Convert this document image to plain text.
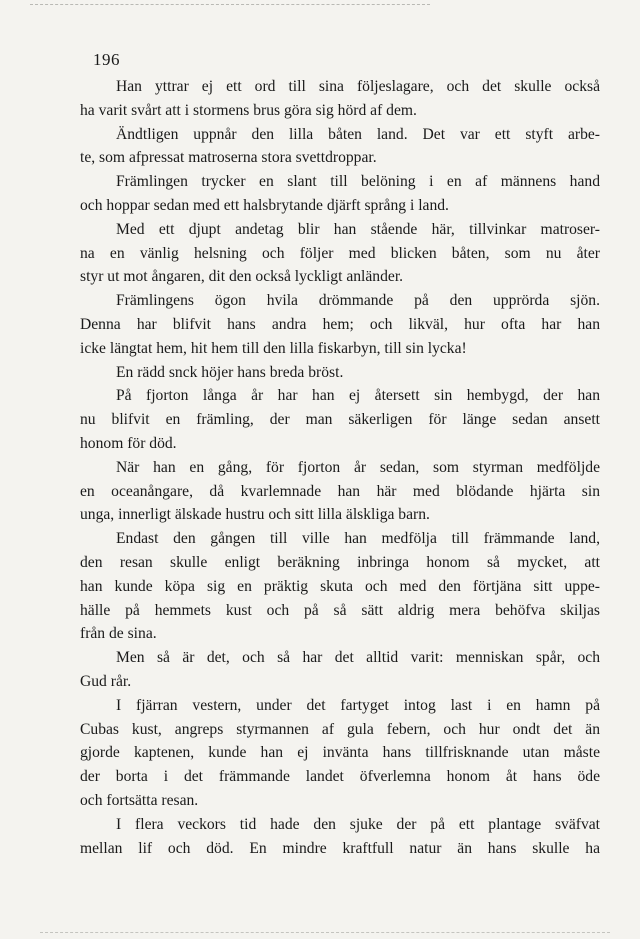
196
Han yttrar ej ett ord till sina följeslagare, och det skulle också
ha varit svårt att i stormens brus göra sig hörd af dem.
Ändtligen uppnår den lilla båten land. Det var ett styft arbe-
te, som afpressat matroserna stora svettdroppar.
Främlingen trycker en slant till belöning i en af männens hand
och hoppar sedan med ett halsbrytande djärft språng i land.
Med ett djupt andetag blir han stående här, tillvinkar matroser-
na en vänlig helsning och följer med blicken båten, som nu åter
styr ut mot ångaren, dit den också lyckligt anländer.
Främlingens ögon hvila drömmande på den upprörda sjön.
Denna har blifvit hans andra hem; och likväl, hur ofta har han
icke längtat hem, hit hem till den lilla fiskarbyn, till sin lycka!
En rädd snck höjer hans breda bröst.
På fjorton långa år har han ej återsett sin hembygd, der han
nu blifvit en främling, der man säkerligen för länge sedan ansett
honom för död.
När han en gång, för fjorton år sedan, som styrman medföljde
en oceanångare, då kvarlemnade han här med blödande hjärta sin
unga, innerligt älskade hustru och sitt lilla älskliga barn.
Endast den gången till ville han medfölja till främmande land,
den resan skulle enligt beräkning inbringa honom så mycket, att
han kunde köpa sig en präktig skuta och med den förtjäna sitt uppe-
hälle på hemmets kust och på så sätt aldrig mera behöfva skiljas
från de sina.
Men så är det, och så har det alltid varit: menniskan spår, och
Gud rår.
I fjärran vestern, under det fartyget intog last i en hamn på
Cubas kust, angreps styrmannen af gula febern, och hur ondt det än
gjorde kaptenen, kunde han ej invänta hans tillfrisknande utan måste
der borta i det främmande landet öfverlemna honom åt hans öde
och fortsätta resan.
I flera veckors tid hade den sjuke der på ett plantage sväfvat
mellan lif och död. En mindre kraftfull natur än hans skulle ha
